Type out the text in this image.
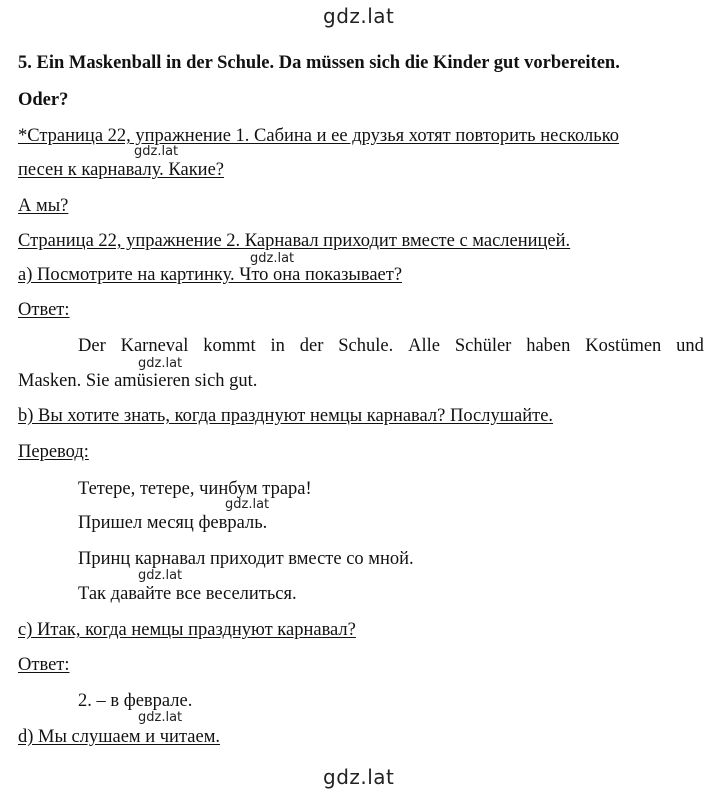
gdz.lat
gdz.lat
gdz.lat
gdz.lat
gdz.lat
gdz.lat
gdz.lat
gdz.lat
5. Ein Maskenball in der Schule. Da müssen sich die Kinder gut vorbereiten.
Oder?
*Страница 22, упражнение 1. Сабина и ее друзья хотят повторить несколько
песен к карнавалу. Какие?
А мы?
Страница 22, упражнение 2. Карнавал приходит вместе с масленицей.
а) Посмотрите на картинку. Что она показывает?
Ответ:
Der Karneval kommt in der Schule. Alle Schüler haben Kostümen und
Masken. Sie amüsieren sich gut.
b) Вы хотите знать, когда празднуют немцы карнавал? Послушайте.
Перевод:
Тетере, тетере, чинбум трара!
Пришел месяц февраль.
Принц карнавал приходит вместе со мной.
Так давайте все веселиться.
c) Итак, когда немцы празднуют карнавал?
Ответ:
2. – в феврале.
d) Мы слушаем и читаем.
